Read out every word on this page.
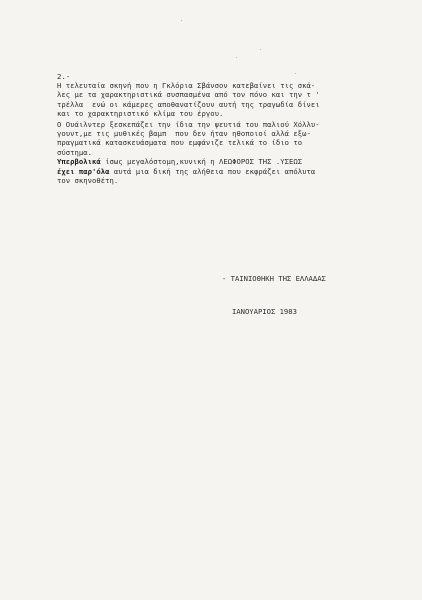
2.-
Η τελευταία σκηνή που η Γκλόρια Σβάνσον κατεβαίνει τις σκά-
λες με τα χαρακτηριστικά συσπασμένα από τον πόνο και την τ '
τρέλλα  ενώ οι κάμερες αποθανατίζουν αυτή της τραγωδία δίνει
και το χαρακτηριστικό κλίμα του έργου.
Ο Ουάιλντερ ξεσκεπάζει την ίδια την ψευτιά του παλιού Χόλλυ-
γουντ,με τις μυθικές βαμπ  που δεν ήταν ηθοποιοί αλλά εξω-
πραγματικά κατασκευάσματα που εμφάνιζε τελικά το ίδιο το
σύστημα.
Υπερβολικά ίσως μεγαλόστομη,κυνική η ΛΕΩΦΟΡΟΣ ΤΗΣ .ΥΣΕΩΣ
έχει παρ'όλα αυτά μια δική της αλήθεια που εκφράζει απόλυτα
τον σκηνοθέτη.

- ΤΑΙΝΙΟΘΗΚΗ ΤΗΣ ΕΛΛΑΔΑΣ

ΙΑΝΟΥΑΡΙΟΣ 1983
